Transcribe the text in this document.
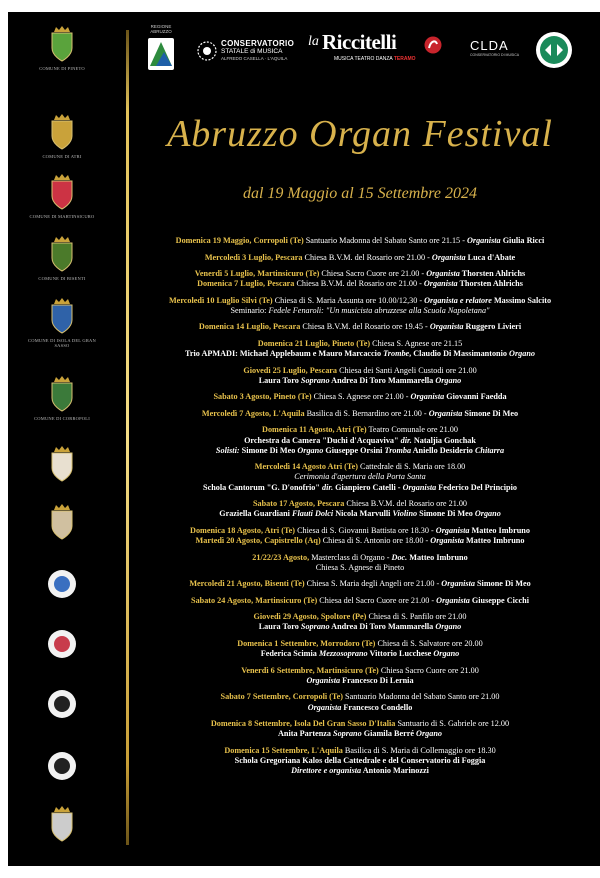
COMUNE DI PINETO
COMUNE DI ATRI
COMUNE DI MARTINSICURO
COMUNE DI BISENTI
COMUNE DI ISOLA DEL GRAN SASSO
COMUNE DI CORROPOLI
REGIONE ABRUZZO
CONSERVATORIO
STATALE di MUSICA
ALFREDO CASELLA · L'AQUILA
la Riccitelli
MUSICA TEATRO DANZA TERAMO
CLDA
CONSERVATORIO DI MUSICA
Abruzzo Organ Festival
dal 19 Maggio al 15 Settembre 2024
Domenica 19 Maggio, Corropoli (Te) Santuario Madonna del Sabato Santo ore 21.15 - Organista Giulia Ricci
Mercoledì 3 Luglio, Pescara Chiesa B.V.M. del Rosario ore 21.00 - Organista Luca d'Abate
Venerdì 5 Luglio, Martinsicuro (Te) Chiesa Sacro Cuore ore 21.00 - Organista Thorsten Ahlrichs
Domenica 7 Luglio, Pescara Chiesa B.V.M. del Rosario ore 21.00 - Organista Thorsten Ahlrichs
Mercoledì 10 Luglio Silvi (Te) Chiesa di S. Maria Assunta ore 10.00/12,30 - Organista e relatore Massimo Salcito
Seminario: Fedele Fenaroli: "Un musicista abruzzese alla Scuola Napoletana"
Domenica 14 Luglio, Pescara Chiesa B.V.M. del Rosario ore 19.45 - Organista Ruggero Livieri
Domenica 21 Luglio, Pineto (Te) Chiesa S. Agnese ore 21.15
Trio APMADI: Michael Applebaum e Mauro Marcaccio Trombe, Claudio Di Massimantonio Organo
Giovedì 25 Luglio, Pescara Chiesa dei Santi Angeli Custodi ore 21.00
Laura Toro Soprano Andrea Di Toro Mammarella Organo
Sabato 3 Agosto, Pineto (Te) Chiesa S. Agnese ore 21.00 - Organista Giovanni Faedda
Mercoledì 7 Agosto, L'Aquila Basilica di S. Bernardino ore 21.00 - Organista Simone Di Meo
Domenica 11 Agosto, Atri (Te) Teatro Comunale ore 21.00
Orchestra da Camera "Duchi d'Acquaviva" dir. Nataljia Gonchak
Solisti: Simone Di Meo Organo Giuseppe Orsini Tromba Aniello Desiderio Chitarra
Mercoledì 14 Agosto Atri (Te) Cattedrale di S. Maria ore 18.00
Cerimonia d'apertura della Porta Santa
Schola Cantorum "G. D'onofrio" dir. Gianpiero Catelli - Organista Federico Del Principio
Sabato 17 Agosto, Pescara Chiesa B.V.M. del Rosario ore 21.00
Graziella Guardiani Flauti Dolci Nicola Marvulli Violino Simone Di Meo Organo
Domenica 18 Agosto, Atri (Te) Chiesa di S. Giovanni Battista ore 18.30 - Organista Matteo Imbruno
Martedì 20 Agosto, Capistrello (Aq) Chiesa di S. Antonio ore 18.00 - Organista Matteo Imbruno
21/22/23 Agosto, Masterclass di Organo - Doc. Matteo Imbruno
Chiesa S. Agnese di Pineto
Mercoledì 21 Agosto, Bisenti (Te) Chiesa S. Maria degli Angeli ore 21.00 - Organista Simone Di Meo
Sabato 24 Agosto, Martinsicuro (Te) Chiesa del Sacro Cuore ore 21.00 - Organista Giuseppe Cicchi
Giovedì 29 Agosto, Spoltore (Pe) Chiesa di S. Panfilo ore 21.00
Laura Toro Soprano Andrea Di Toro Mammarella Organo
Domenica 1 Settembre, Morrodoro (Te) Chiesa di S. Salvatore ore 20.00
Federica Scimia Mezzosoprano Vittorio Lucchese Organo
Venerdì 6 Settembre, Martinsicuro (Te) Chiesa Sacro Cuore ore 21.00
Organista Francesco Di Lernia
Sabato 7 Settembre, Corropoli (Te) Santuario Madonna del Sabato Santo ore 21.00
Organista Francesco Condello
Domenica 8 Settembre, Isola Del Gran Sasso D'Italia Santuario di S. Gabriele ore 12.00
Anita Partenza Soprano Giamila Berré Organo
Domenica 15 Settembre, L'Aquila Basilica di S. Maria di Collemaggio ore 18.30
Schola Gregoriana Kalos della Cattedrale e del Conservatorio di Foggia
Direttore e organista Antonio Marinozzi
